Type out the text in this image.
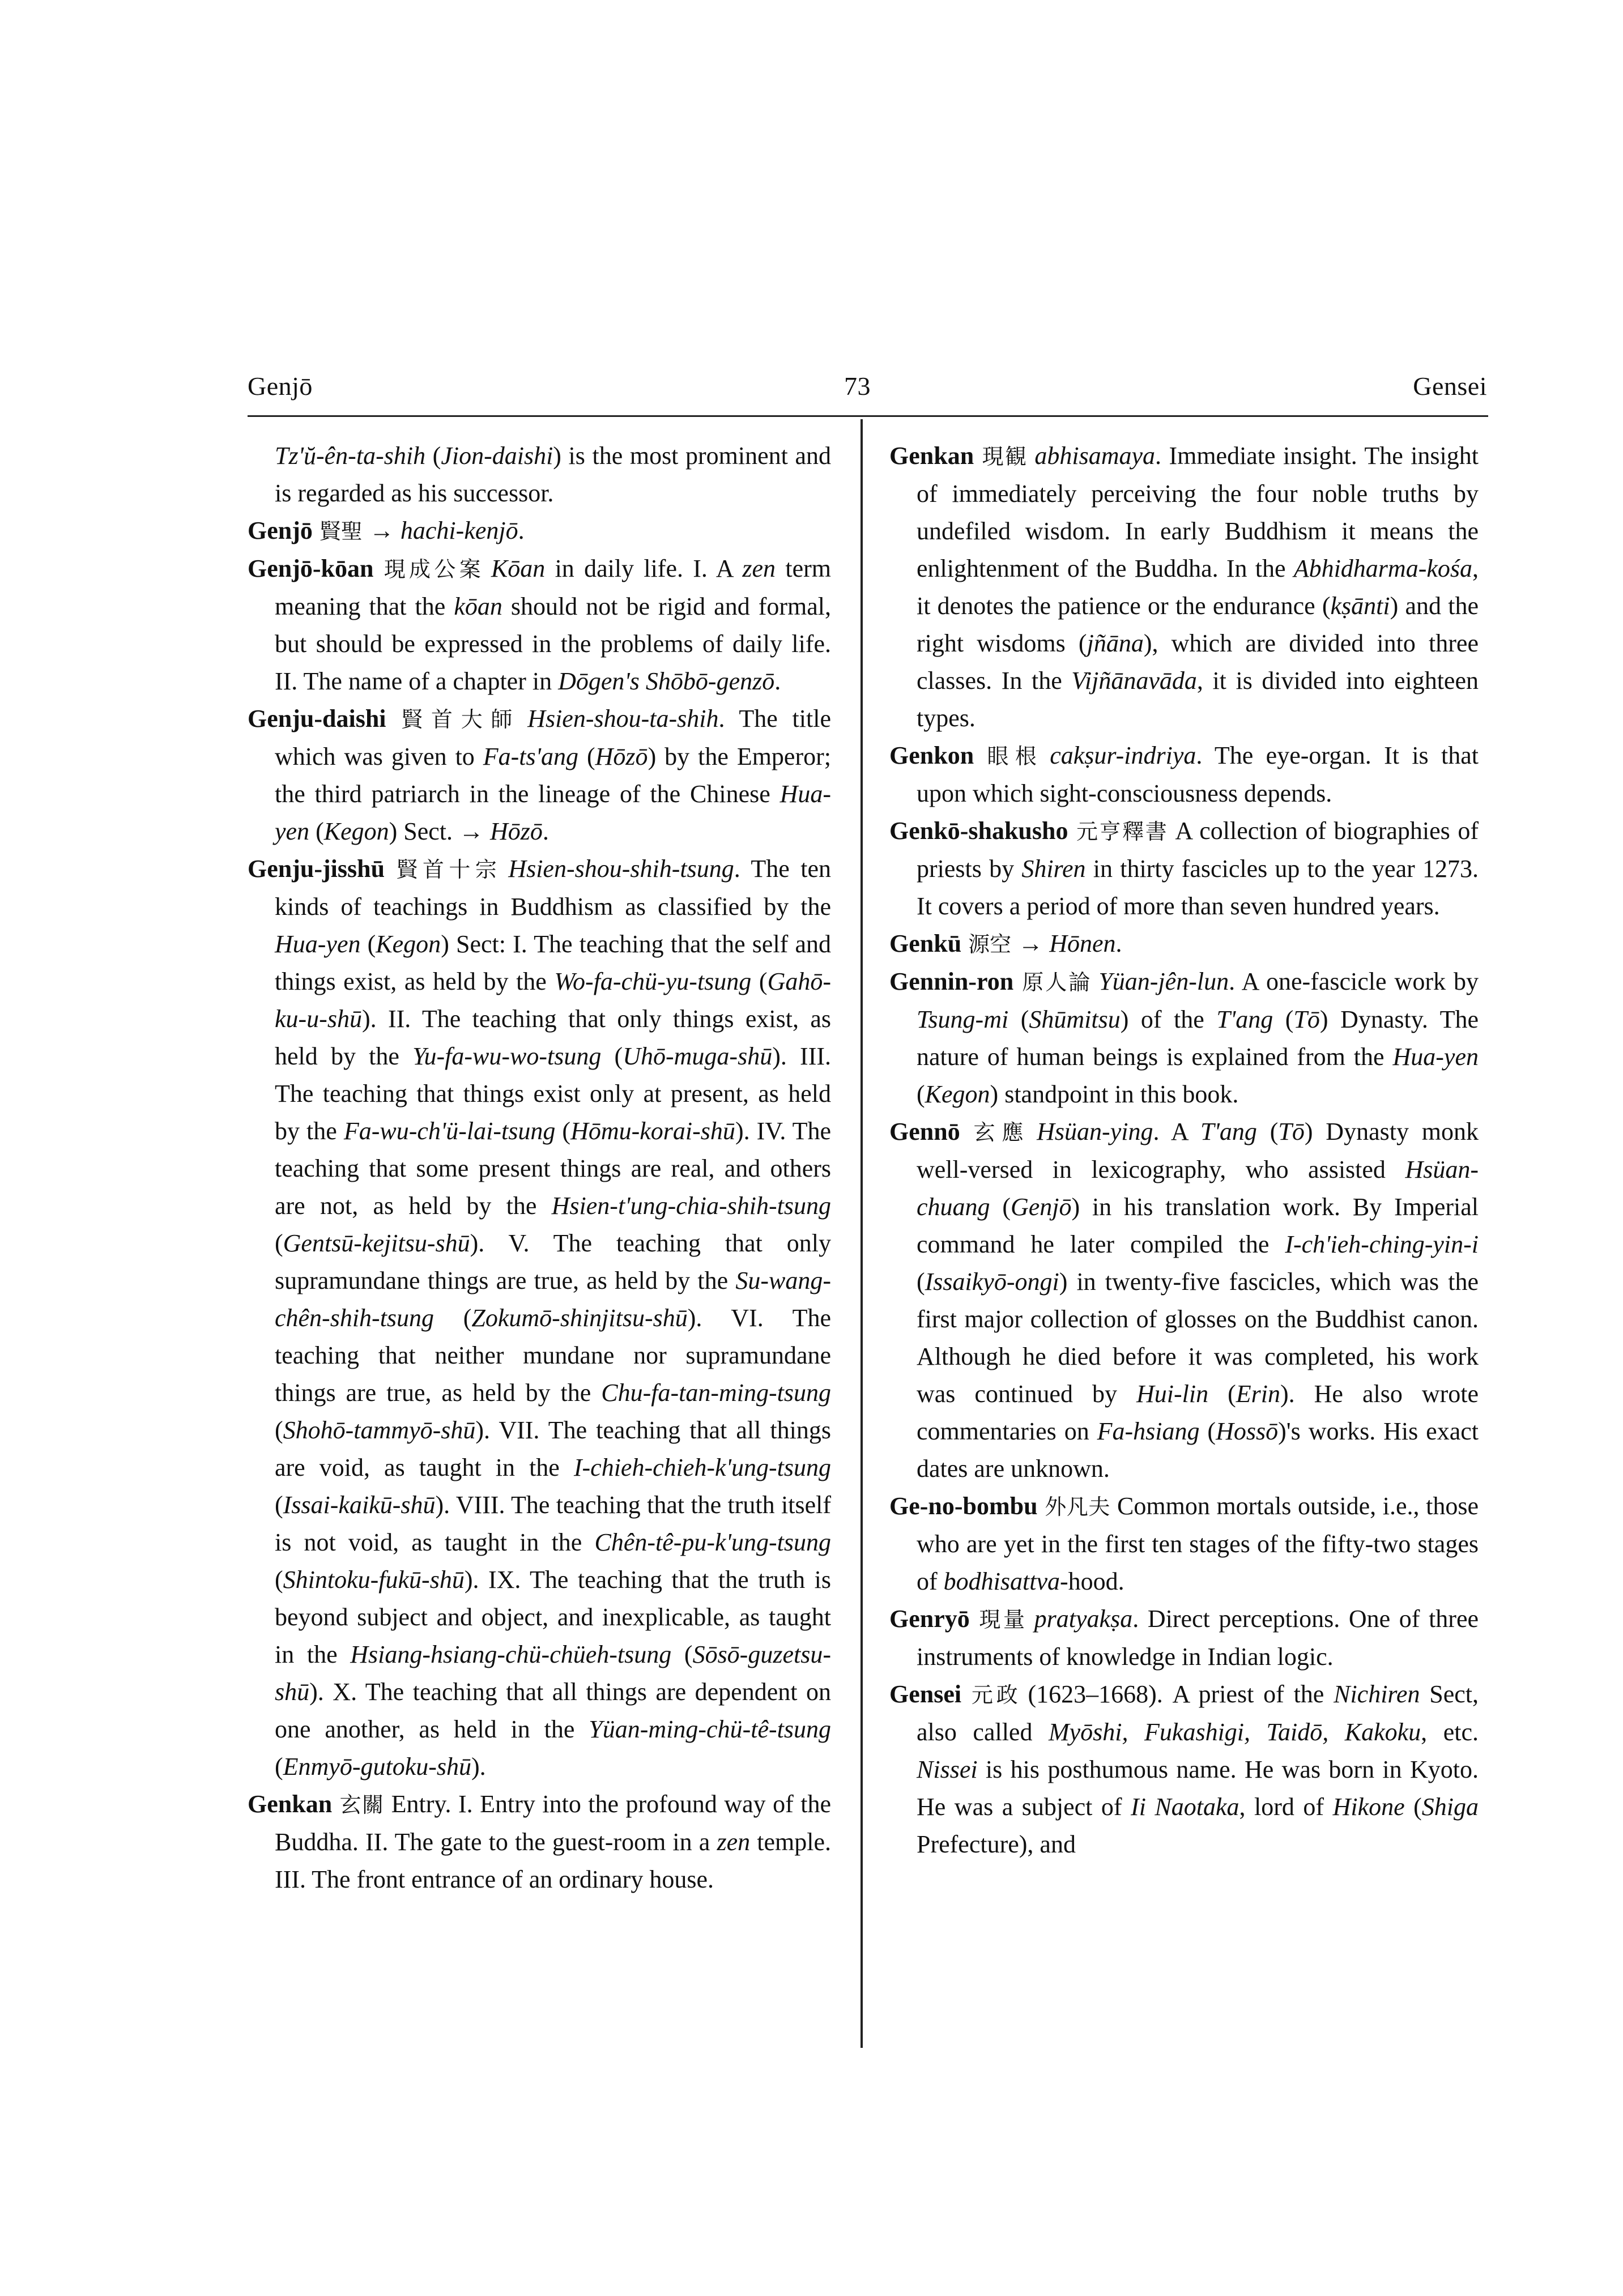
Genjō	73	Gensei

Tz'ŭ-ên-ta-shih (Jion-daishi) is the most prominent and is regarded as his successor.

Genjō 賢聖 → hachi-kenjō.

Genjō-kōan 現成公案 Kōan in daily life. I. A zen term meaning that the kōan should not be rigid and formal, but should be expressed in the problems of daily life. II. The name of a chapter in Dōgen's Shōbō-genzō.

Genju-daishi 賢首大師 Hsien-shou-ta-shih. The title which was given to Fa-ts'ang (Hōzō) by the Emperor; the third patriarch in the lineage of the Chinese Hua-yen (Kegon) Sect. → Hōzō.

Genju-jisshū 賢首十宗 Hsien-shou-shih-tsung. The ten kinds of teachings in Buddhism as classified by the Hua-yen (Kegon) Sect: I. The teaching that the self and things exist, as held by the Wo-fa-chü-yu-tsung (Gahō-ku-u-shū). II. The teaching that only things exist, as held by the Yu-fa-wu-wo-tsung (Uhō-muga-shū). III. The teaching that things exist only at present, as held by the Fa-wu-ch'ü-lai-tsung (Hōmu-korai-shū). IV. The teaching that some present things are real, and others are not, as held by the Hsien-t'ung-chia-shih-tsung (Gentsū-kejitsu-shū). V. The teaching that only supramundane things are true, as held by the Su-wang-chên-shih-tsung (Zokumō-shinjitsu-shū). VI. The teaching that neither mundane nor supramundane things are true, as held by the Chu-fa-tan-ming-tsung (Shohō-tammyō-shū). VII. The teaching that all things are void, as taught in the I-chieh-chieh-k'ung-tsung (Issai-kaikū-shū). VIII. The teaching that the truth itself is not void, as taught in the Chên-tê-pu-k'ung-tsung (Shintoku-fukū-shū). IX. The teaching that the truth is beyond subject and object, and inexplicable, as taught in the Hsiang-hsiang-chü-chüeh-tsung (Sōsō-guzetsu-shū). X. The teaching that all things are dependent on one another, as held in the Yüan-ming-chü-tê-tsung (Enmyō-gutoku-shū).

Genkan 玄關 Entry. I. Entry into the profound way of the Buddha. II. The gate to the guest-room in a zen temple. III. The front entrance of an ordinary house.

Genkan 現観 abhisamaya. Immediate insight. The insight of immediately perceiving the four noble truths by undefiled wisdom. In early Buddhism it means the enlightenment of the Buddha. In the Abhidharma-kośa, it denotes the patience or the endurance (kṣānti) and the right wisdoms (jñāna), which are divided into three classes. In the Vijñānavāda, it is divided into eighteen types.

Genkon 眼根 cakṣur-indriya. The eye-organ. It is that upon which sight-consciousness depends.

Genkō-shakusho 元亨釋書 A collection of biographies of priests by Shiren in thirty fascicles up to the year 1273. It covers a period of more than seven hundred years.

Genkū 源空 → Hōnen.

Gennin-ron 原人論 Yüan-jên-lun. A one-fascicle work by Tsung-mi (Shūmitsu) of the T'ang (Tō) Dynasty. The nature of human beings is explained from the Hua-yen (Kegon) standpoint in this book.

Gennō 玄應 Hsüan-ying. A T'ang (Tō) Dynasty monk well-versed in lexicography, who assisted Hsüan-chuang (Genjō) in his translation work. By Imperial command he later compiled the I-ch'ieh-ching-yin-i (Issaikyō-ongi) in twenty-five fascicles, which was the first major collection of glosses on the Buddhist canon. Although he died before it was completed, his work was continued by Hui-lin (Erin). He also wrote commentaries on Fa-hsiang (Hossō)'s works. His exact dates are unknown.

Ge-no-bombu 外凡夫 Common mortals outside, i.e., those who are yet in the first ten stages of the fifty-two stages of bodhisattva-hood.

Genryō 現量 pratyakṣa. Direct perceptions. One of three instruments of knowledge in Indian logic.

Gensei 元政 (1623–1668). A priest of the Nichiren Sect, also called Myōshi, Fukashigi, Taidō, Kakoku, etc. Nissei is his posthumous name. He was born in Kyoto. He was a subject of Ii Naotaka, lord of Hikone (Shiga Prefecture), and
